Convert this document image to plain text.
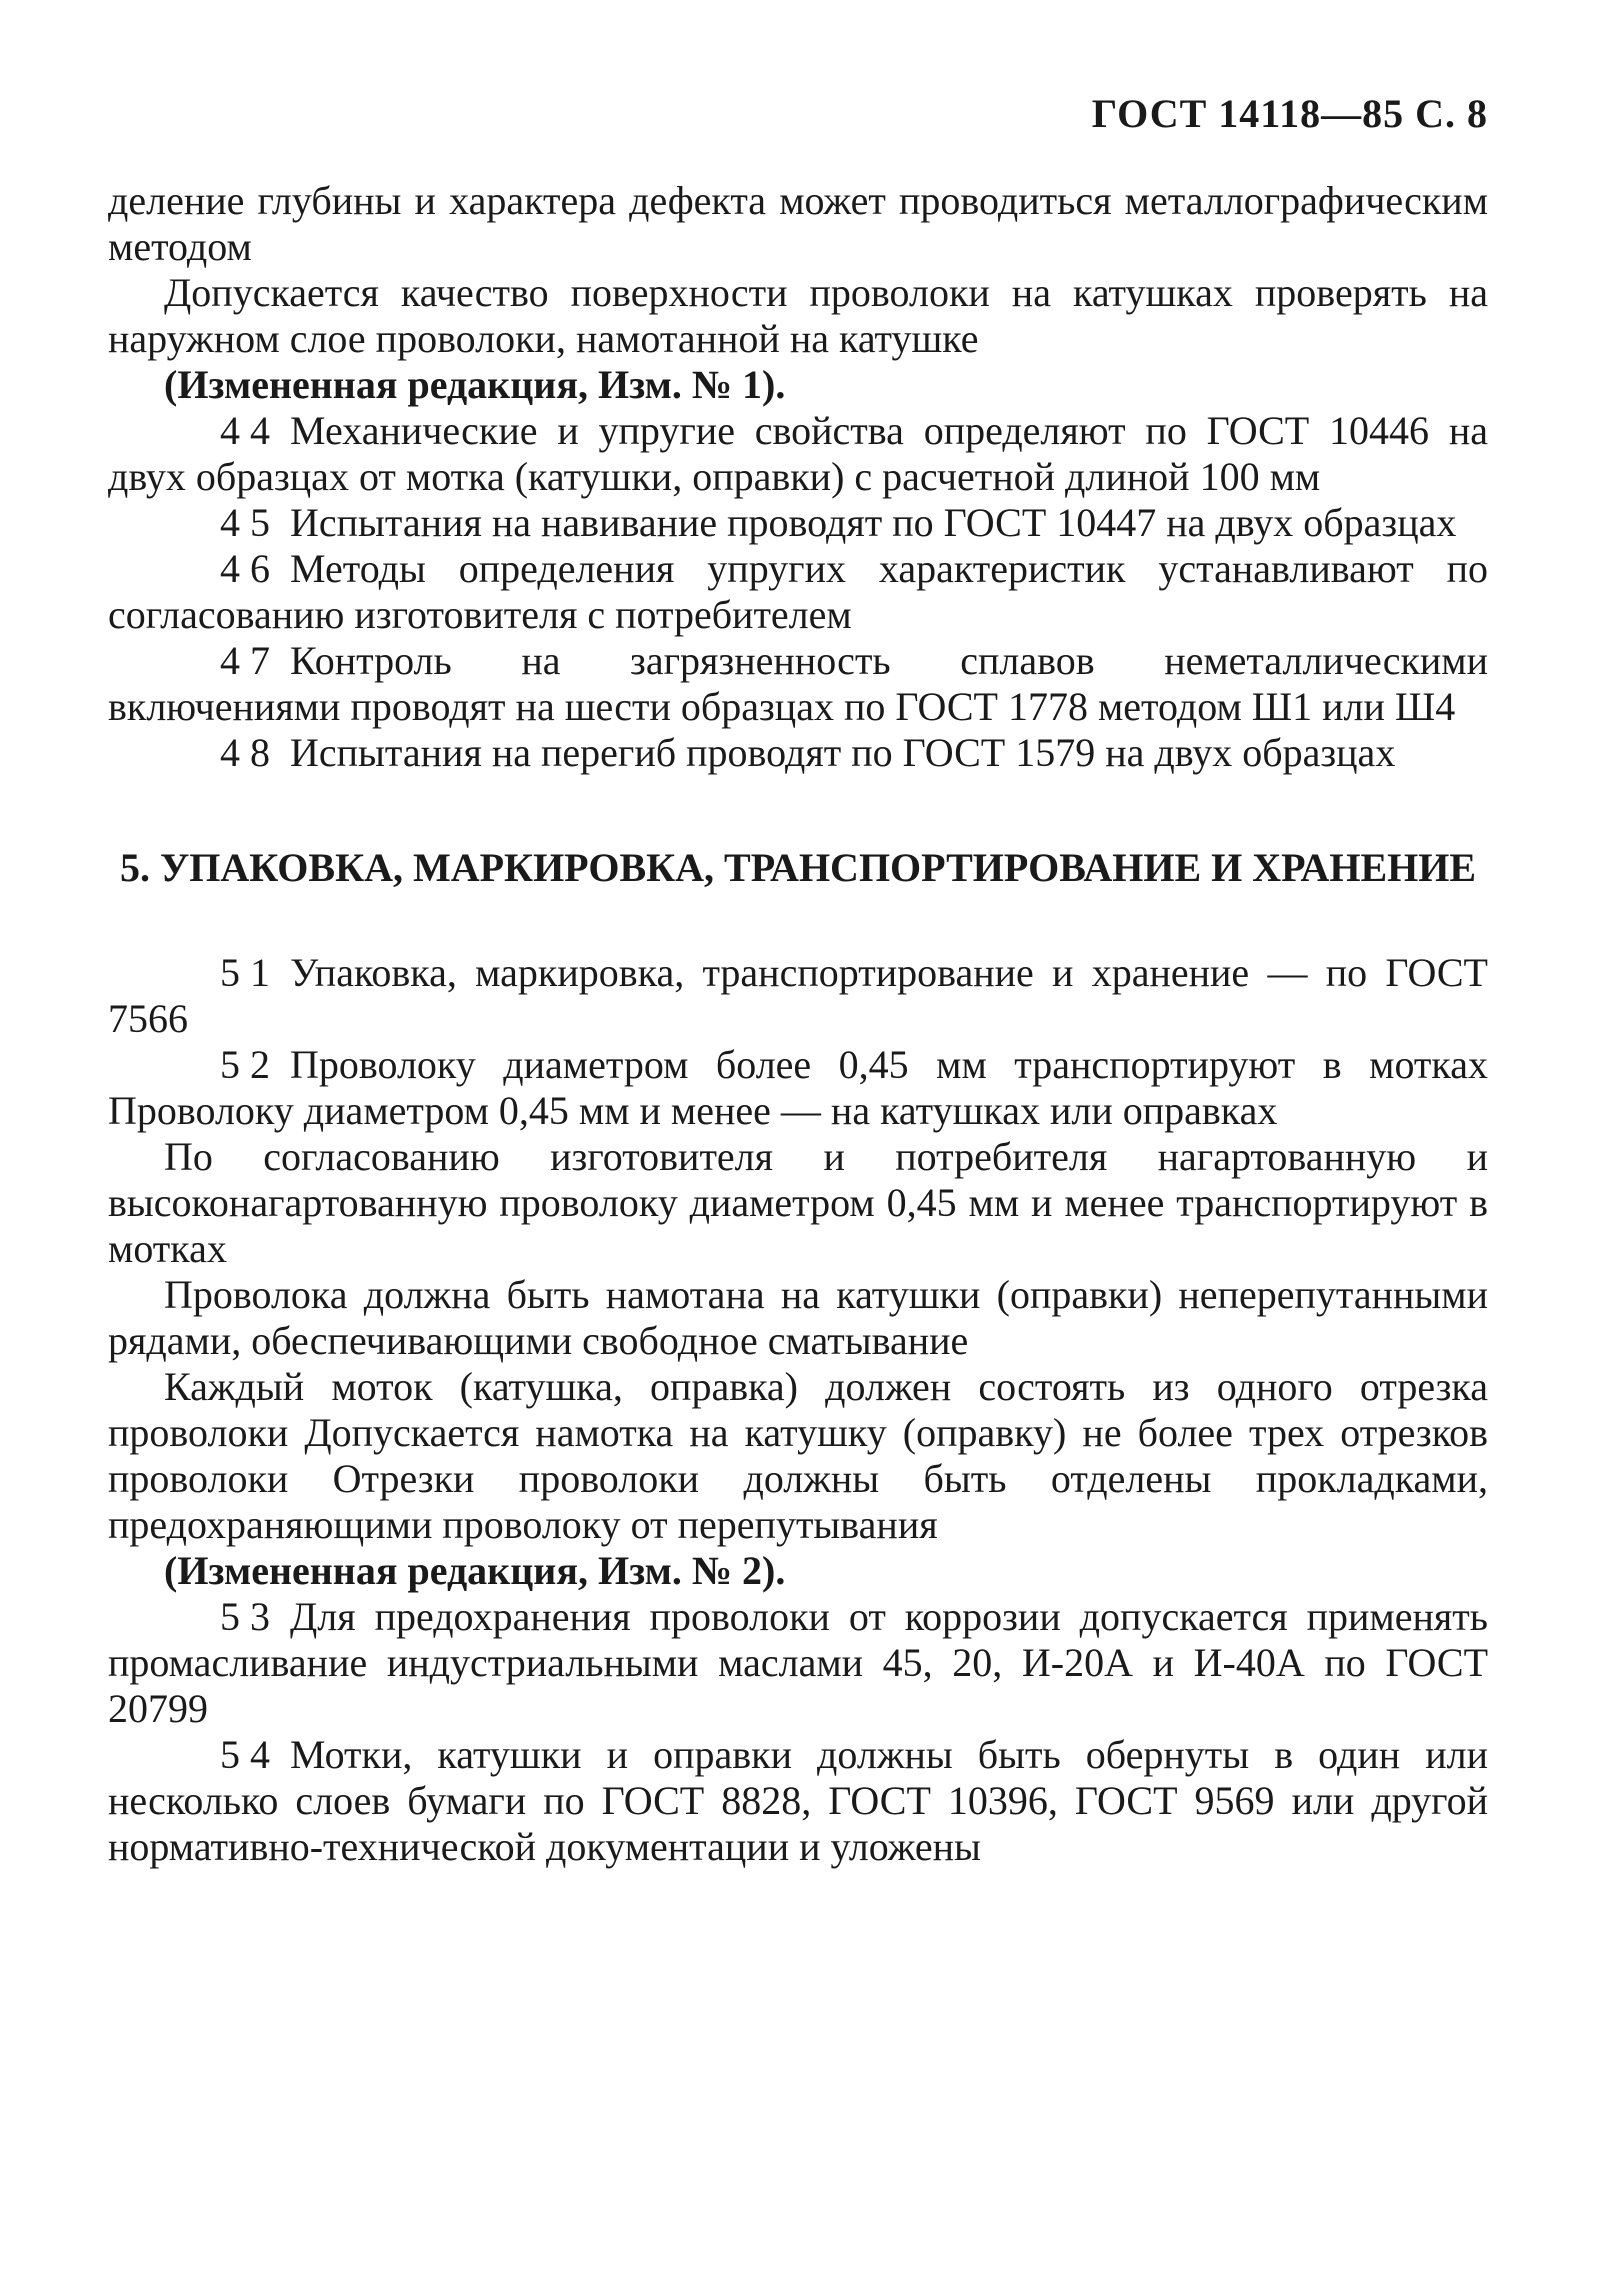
ГОСТ 14118—85 С. 8

деление глубины и характера дефекта может проводиться металлографическим методом

Допускается качество поверхности проволоки на катушках проверять на наружном слое проволоки, намотанной на катушке

(Измененная редакция, Изм. № 1).

4 4 Механические и упругие свойства определяют по ГОСТ 10446 на двух образцах от мотка (катушки, оправки) с расчетной длиной 100 мм

4 5 Испытания на навивание проводят по ГОСТ 10447 на двух образцах

4 6 Методы определения упругих характеристик устанавливают по согласованию изготовителя с потребителем

4 7 Контроль на загрязненность сплавов неметаллическими включениями проводят на шести образцах по ГОСТ 1778 методом Ш1 или Ш4

4 8 Испытания на перегиб проводят по ГОСТ 1579 на двух образцах

5. УПАКОВКА, МАРКИРОВКА, ТРАНСПОРТИРОВАНИЕ И ХРАНЕНИЕ

5 1 Упаковка, маркировка, транспортирование и хранение — по ГОСТ 7566

5 2 Проволоку диаметром более 0,45 мм транспортируют в мотках Проволоку диаметром 0,45 мм и менее — на катушках или оправках

По согласованию изготовителя и потребителя нагартованную и высоконагартованную проволоку диаметром 0,45 мм и менее транспортируют в мотках

Проволока должна быть намотана на катушки (оправки) неперепутанными рядами, обеспечивающими свободное сматывание

Каждый моток (катушка, оправка) должен состоять из одного отрезка проволоки Допускается намотка на катушку (оправку) не более трех отрезков проволоки Отрезки проволоки должны быть отделены прокладками, предохраняющими проволоку от перепутывания

(Измененная редакция, Изм. № 2).

5 3 Для предохранения проволоки от коррозии допускается применять промасливание индустриальными маслами 45, 20, И-20А и И-40А по ГОСТ 20799

5 4 Мотки, катушки и оправки должны быть обернуты в один или несколько слоев бумаги по ГОСТ 8828, ГОСТ 10396, ГОСТ 9569 или другой нормативно-технической документации и уложены
